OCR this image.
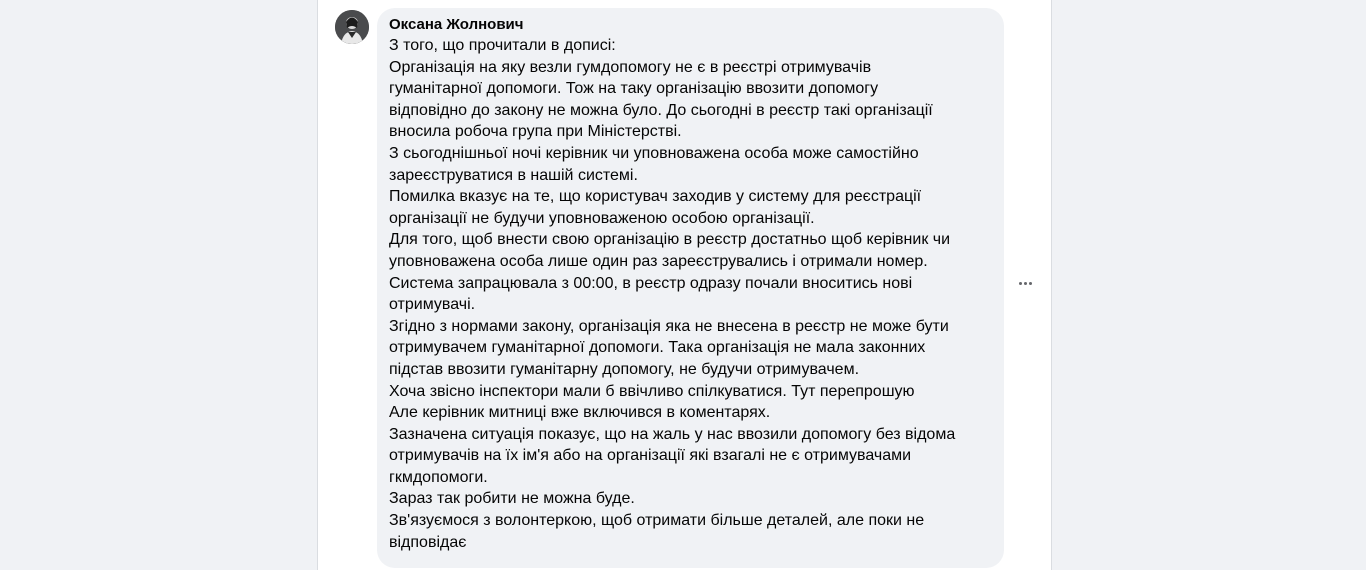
Оксана Жолнович
З того, що прочитали в дописі:
Організація на яку везли гумдопомогу не є в реєстрі отримувачів
гуманітарної допомоги. Тож на таку організацію ввозити допомогу
відповідно до закону не можна було. До сьогодні в реєстр такі організації
вносила робоча група при Міністерстві.
З сьогоднішньої ночі керівник чи уповноважена особа може самостійно
зареєструватися в нашій системі.
Помилка вказує на те, що користувач заходив у систему для реєстрації
організації не будучи уповноваженою особою організації.
Для того, щоб внести свою організацію в реєстр достатньо щоб керівник чи
уповноважена особа лише один раз зареєструвались і отримали номер.
Система запрацювала з 00:00, в реєстр одразу почали вноситись нові
отримувачі.
Згідно з нормами закону, організація яка не внесена в реєстр не може бути
отримувачем гуманітарної допомоги. Така організація не мала законних
підстав ввозити гуманітарну допомогу, не будучи отримувачем.
Хоча звісно інспектори мали б ввічливо спілкуватися. Тут перепрошую
Але керівник митниці вже включився в коментарях.
Зазначена ситуація показує, що на жаль у нас ввозили допомогу без відома
отримувачів на їх ім'я або на організації які взагалі не є отримувачами
гкмдопомоги.
Зараз так робити не можна буде.
Зв'язуємося з волонтеркою, щоб отримати більше деталей, але поки не
відповідає
